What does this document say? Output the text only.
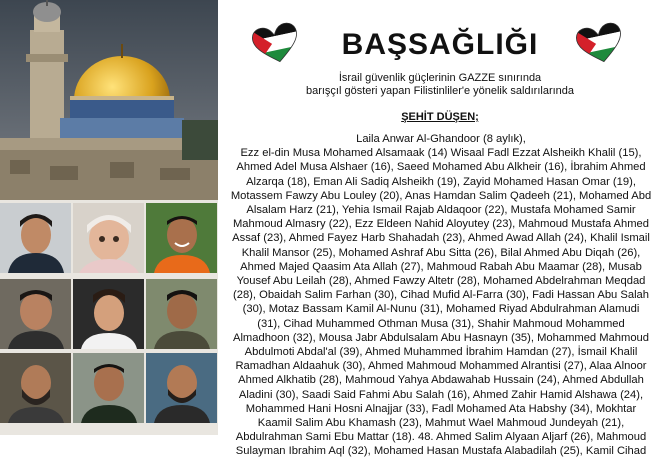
BAŞSAĞLIĞI
İsrail güvenlik güçlerinin GAZZE sınırında
barışçıl gösteri yapan Filistinliler'e yönelik saldırılarında
ŞEHİT DÜŞEN;
Laila Anwar Al-Ghandoor (8 aylık),
Ezz el-din Musa Mohamed Alsamaak (14) Wisaal Fadl Ezzat Alsheikh Khalil (15),
Ahmed Adel Musa Alshaer (16), Saeed Mohamed Abu Alkheir (16), İbrahim Ahmed
Alzarqa (18), Eman Ali Sadiq Alsheikh (19), Zayid Mohamed Hasan Omar (19),
Motassem Fawzy Abu Louley (20), Anas Hamdan Salim Qadeeh (21), Mohamed Abd
Alsalam Harz (21), Yehia Ismail Rajab Aldaqoor (22), Mustafa Mohamed Samir
Mahmoud Almasry (22), Ezz Eldeen Nahid Aloyutey (23), Mahmoud Mustafa Ahmed
Assaf (23), Ahmed Fayez Harb Shahadah (23), Ahmed Awad Allah (24), Khalil Ismail
Khalil Mansor (25), Mohamed Ashraf Abu Sitta (26), Bilal Ahmed Abu Diqah (26),
Ahmed Majed Qaasim Ata Allah (27), Mahmoud Rabah Abu Maamar (28), Musab
Yousef Abu Leilah (28), Ahmed Fawzy Altetr (28), Mohamed Abdelrahman Meqdad
(28), Obaidah Salim Farhan (30), Cihad Mufid Al-Farra (30), Fadi Hassan Abu Salah
(30), Motaz Bassam Kamil Al-Nunu (31), Mohamed Riyad Abdulrahman Alamudi
(31), Cihad Muhammed Othman Musa (31), Shahir Mahmoud Mohammed
Almadhoon (32), Mousa Jabr Abdulsalam Abu Hasnayn (35), Mohammed Mahmoud
Abdulmoti Abdal'al (39), Ahmed Muhammed İbrahim Hamdan (27), İsmail Khalil
Ramadhan Aldaahuk (30), Ahmed Mahmoud Mohammed Alrantisi (27), Alaa Alnoor
Ahmed Alkhatib (28), Mahmoud Yahya Abdawahab Hussain (24), Ahmed Abdullah
Aladini (30), Saadi Said Fahmi Abu Salah (16), Ahmed Zahir Hamid Alshawa (24),
Mohammed Hani Hosni Alnajjar (33), Fadl Mohamed Ata Habshy (34), Mokhtar
Kaamil Salim Abu Khamash (23), Mahmut Wael Mahmoud Jundeyah (21),
Abdulrahman Sami Ebu Mattar (18). 48. Ahmed Salim Alyaan Aljarf (26), Mahmoud
Sulayman Ibrahim Aql (32), Mohamed Hasan Mustafa Alabadilah (25), Kamil Cihad
